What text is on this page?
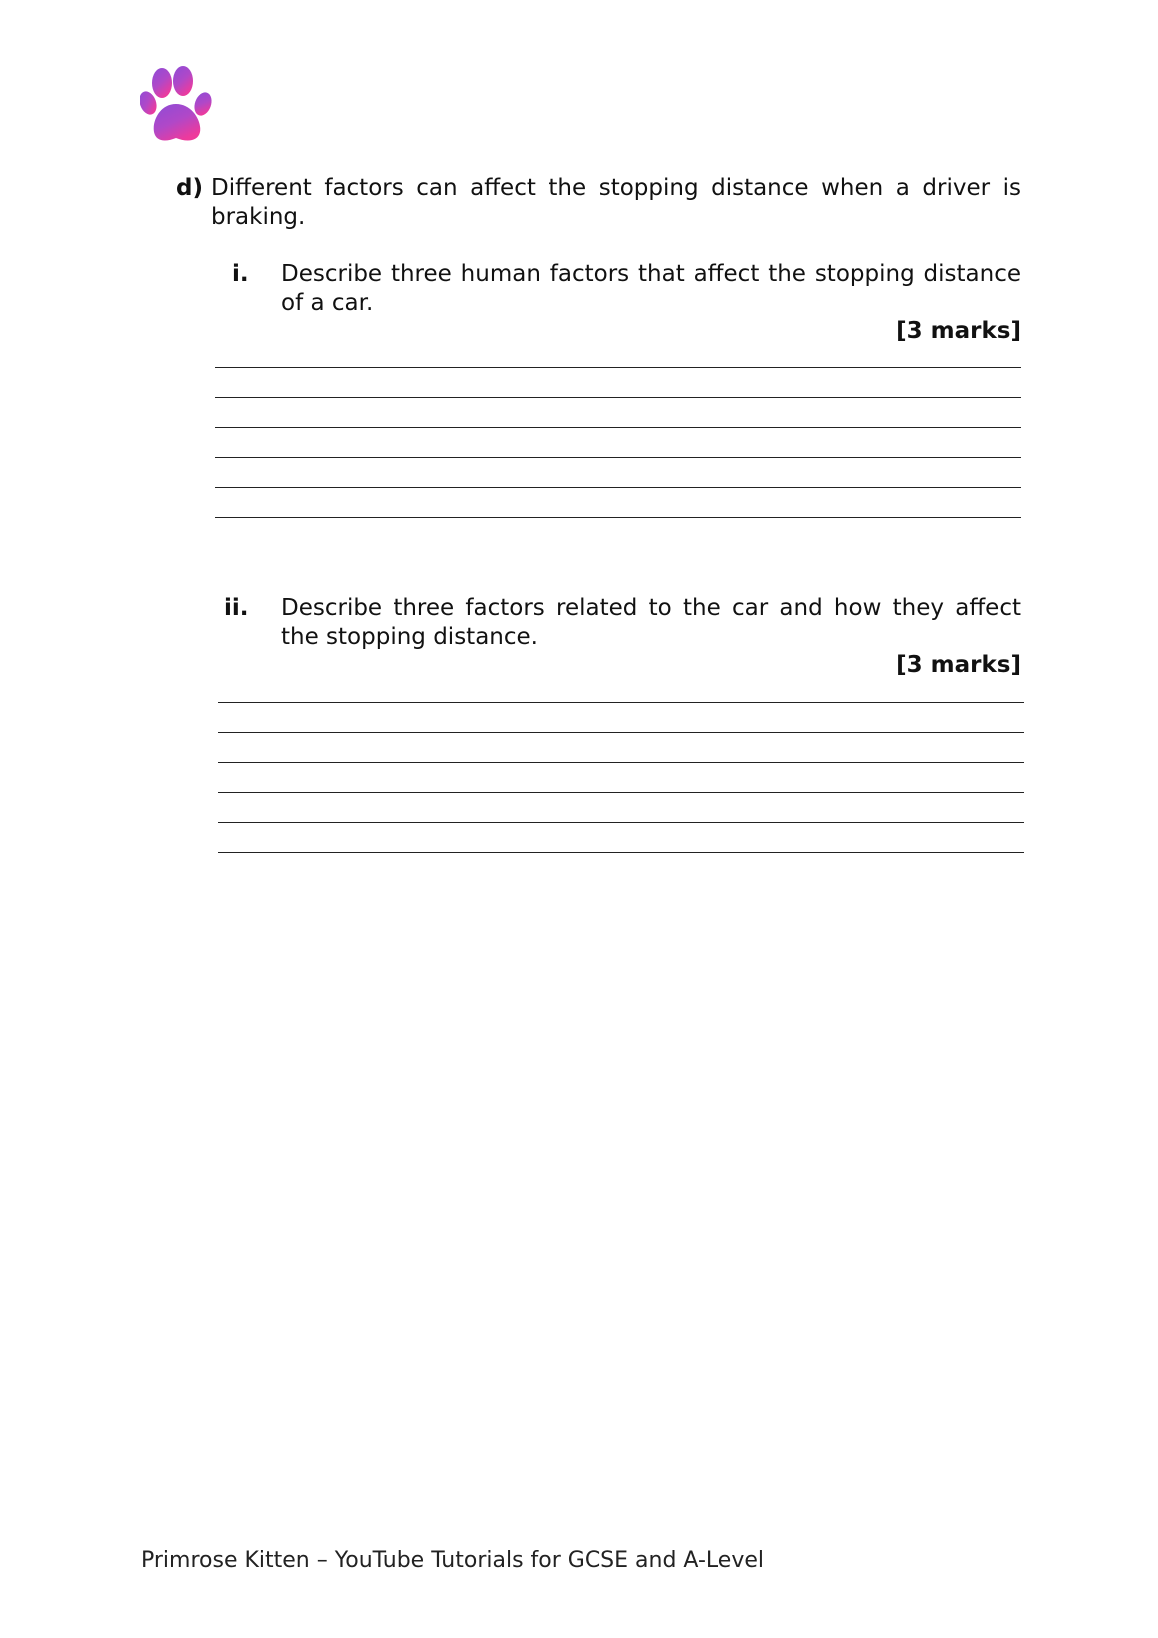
d) Different factors can affect the stopping distance when a driver is braking.
i. Describe three human factors that affect the stopping distance of a car.
[3 marks]
ii. Describe three factors related to the car and how they affect the stopping distance.
[3 marks]
Primrose Kitten – YouTube Tutorials for GCSE and A-Level
